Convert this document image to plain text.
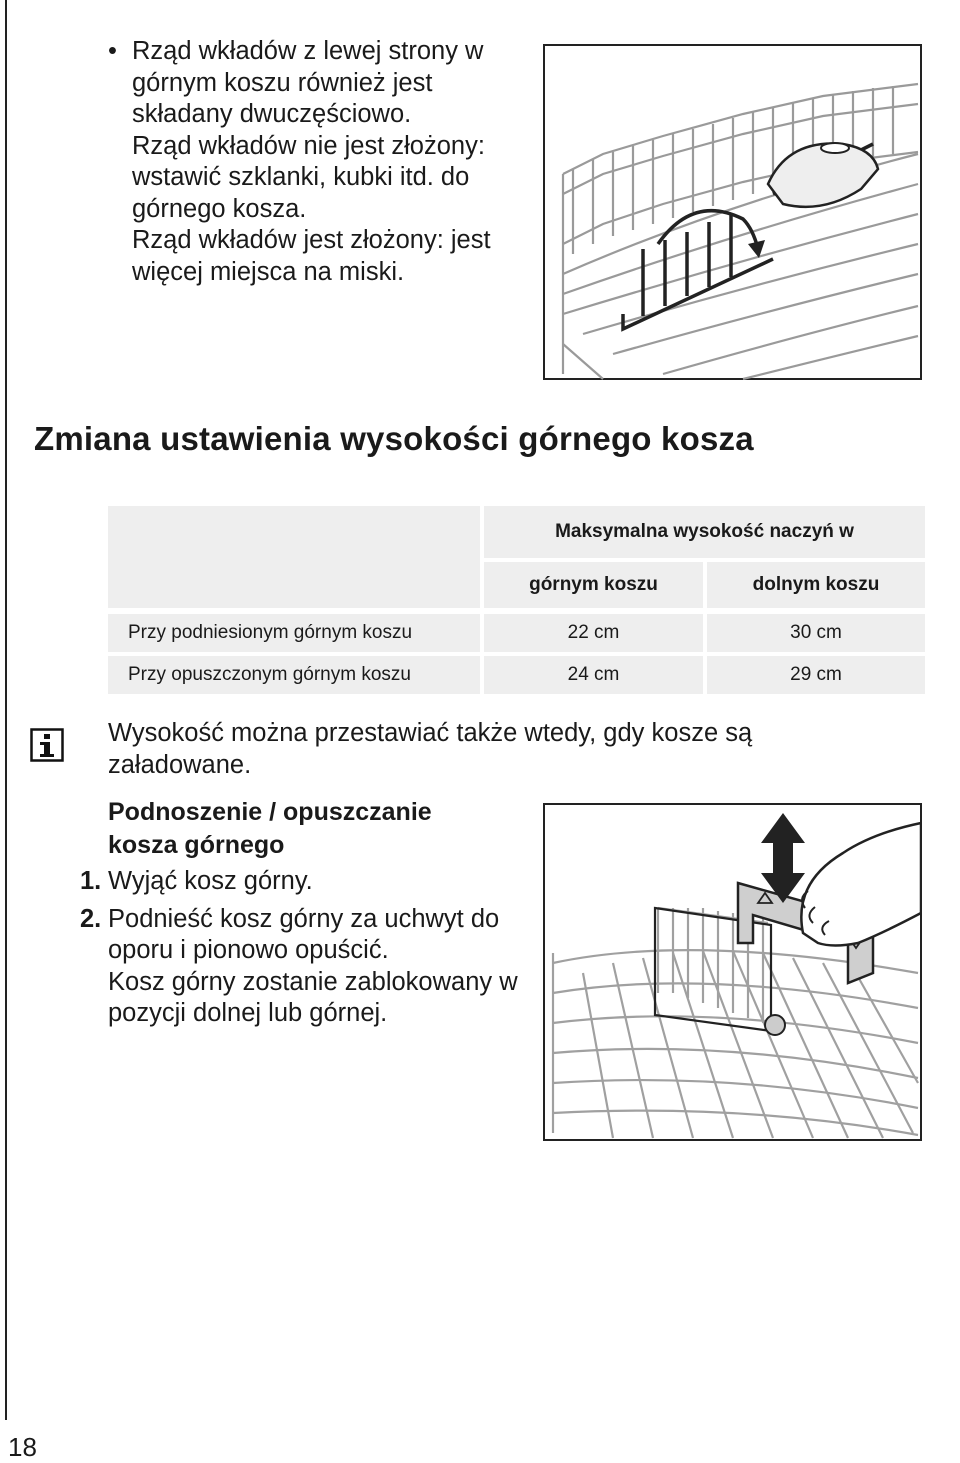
18
• Rząd wkładów z lewej strony w górnym koszu również jest składany dwuczęściowo.

Rząd wkładów nie jest złożony: wstawić szklanki, kubki itd. do górnego kosza.

Rząd wkładów jest złożony: jest więcej miejsca na miski.

Zmiana ustawienia wysokości górnego kosza
Maksymalna wysokość naczyń w
górnym koszu	dolnym koszu
Przy podniesionym górnym koszu	22 cm	30 cm
Przy opuszczonym górnym koszu	24 cm	29 cm
Wysokość można przestawiać także wtedy, gdy kosze są załadowane.
Podnoszenie / opuszczanie kosza górnego
1. Wyjąć kosz górny.

2. Podnieść kosz górny za uchwyt do oporu i pionowo opuścić.

Kosz górny zostanie zablokowany w pozycji dolnej lub górnej.
